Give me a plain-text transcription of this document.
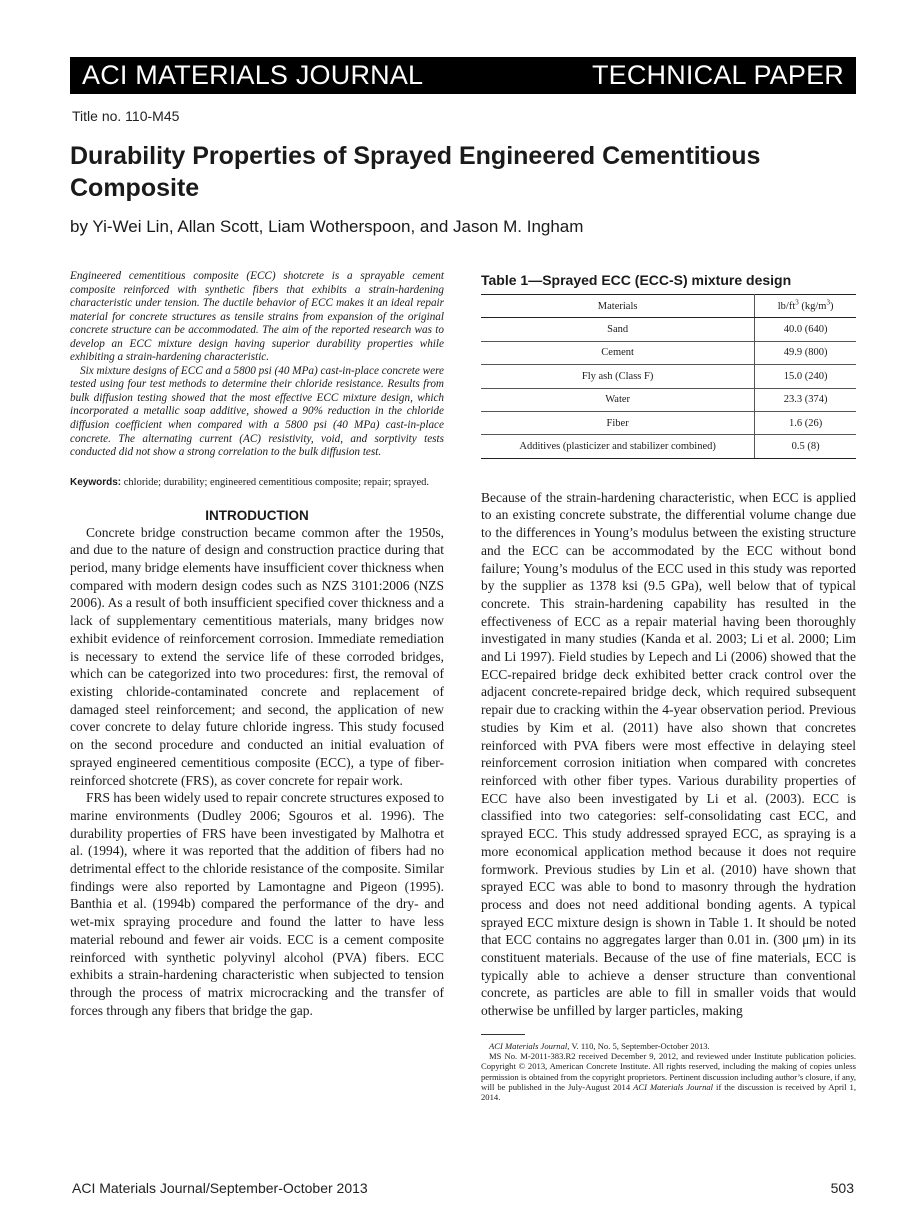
ACI MATERIALS JOURNAL	TECHNICAL PAPER
Title no. 110-M45
Durability Properties of Sprayed Engineered Cementitious Composite
by Yi-Wei Lin, Allan Scott, Liam Wotherspoon, and Jason M. Ingham

Engineered cementitious composite (ECC) shotcrete is a sprayable cement composite reinforced with synthetic fibers that exhibits a strain-hardening characteristic under tension. The ductile behavior of ECC makes it an ideal repair material for concrete structures as tensile strains from expansion of the original concrete structure can be accommodated. The aim of the reported research was to develop an ECC mixture design having superior durability properties while exhibiting a strain-hardening characteristic.

Six mixture designs of ECC and a 5800 psi (40 MPa) cast-in-place concrete were tested using four test methods to determine their chloride resistance. Results from bulk diffusion testing showed that the most effective ECC mixture design, which incorporated a metallic soap additive, showed a 90% reduction in the chloride diffusion coefficient when compared with a 5800 psi (40 MPa) cast-in-place concrete. The alternating current (AC) resistivity, void, and sorptivity tests conducted did not show a strong correlation to the bulk diffusion test.

Keywords: chloride; durability; engineered cementitious composite; repair; sprayed.
INTRODUCTION

Concrete bridge construction became common after the 1950s, and due to the nature of design and construction practice during that period, many bridge elements have insufficient cover thickness when compared with modern design codes such as NZS 3101:2006 (NZS 2006). As a result of both insufficient specified cover thickness and a lack of supplementary cementitious materials, many bridges now exhibit evidence of reinforcement corrosion. Immediate remediation is necessary to extend the service life of these corroded bridges, which can be categorized into two procedures: first, the removal of existing chloride-contaminated concrete and replacement of damaged steel reinforcement; and second, the application of new cover concrete to delay future chloride ingress. This study focused on the second procedure and conducted an initial evaluation of sprayed engineered cementitious composite (ECC), a type of fiber-reinforced shotcrete (FRS), as cover concrete for repair work.

FRS has been widely used to repair concrete structures exposed to marine environments (Dudley 2006; Sgouros et al. 1996). The durability properties of FRS have been investigated by Malhotra et al. (1994), where it was reported that the addition of fibers had no detrimental effect to the chloride resistance of the composite. Similar findings were also reported by Lamontagne and Pigeon (1995). Banthia et al. (1994b) compared the performance of the dry- and wet-mix spraying procedure and found the latter to have less material rebound and fewer air voids. ECC is a cement composite reinforced with synthetic polyvinyl alcohol (PVA) fibers. ECC exhibits a strain-hardening characteristic when subjected to tension through the process of matrix microcracking and the transfer of forces through any fibers that bridge the gap.

Table 1—Sprayed ECC (ECC-S) mixture design
Materials	$lb/ft^3$ $(kg/m^3)$
Sand	40.0 (640)
Cement	49.9 (800)
Fly ash (Class F)	15.0 (240)
Water	23.3 (374)
Fiber	1.6 (26)
Additives (plasticizer and stabilizer combined)	0.5 (8)

Because of the strain-hardening characteristic, when ECC is applied to an existing concrete substrate, the differential volume change due to the differences in Young’s modulus between the existing structure and the ECC can be accommodated by the ECC without bond failure; Young’s modulus of the ECC used in this study was reported by the supplier as 1378 ksi (9.5 GPa), well below that of typical concrete. This strain-hardening capability has resulted in the effectiveness of ECC as a repair material having been thoroughly investigated in many studies (Kanda et al. 2003; Li et al. 2000; Lim and Li 1997). Field studies by Lepech and Li (2006) showed that the ECC-repaired bridge deck exhibited better crack control over the adjacent concrete-repaired bridge deck, which required subsequent repair due to cracking within the 4-year observation period. Previous studies by Kim et al. (2011) have also shown that concretes reinforced with PVA fibers were most effective in delaying steel reinforcement corrosion initiation when compared with concretes reinforced with other fiber types. Various durability properties of ECC have also been investigated by Li et al. (2003). ECC is classified into two categories: self-consolidating cast ECC, and sprayed ECC. This study addressed sprayed ECC, as spraying is a more economical application method because it does not require formwork. Previous studies by Lin et al. (2010) have shown that sprayed ECC was able to bond to masonry through the hydration process and does not need additional bonding agents. A typical sprayed ECC mixture design is shown in Table 1. It should be noted that ECC contains no aggregates larger than 0.01 in. (300 μm) in its constituent materials. Because of the use of fine materials, ECC is typically able to achieve a denser structure than conventional concrete, as particles are able to fill in smaller voids that would otherwise be unfilled by larger particles, making

ACI Materials Journal, V. 110, No. 5, September-October 2013.

MS No. M-2011-383.R2 received December 9, 2012, and reviewed under Institute publication policies. Copyright © 2013, American Concrete Institute. All rights reserved, including the making of copies unless permission is obtained from the copyright proprietors. Pertinent discussion including author’s closure, if any, will be published in the July-August 2014 ACI Materials Journal if the discussion is received by April 1, 2014.

ACI Materials Journal/September-October 2013	503
